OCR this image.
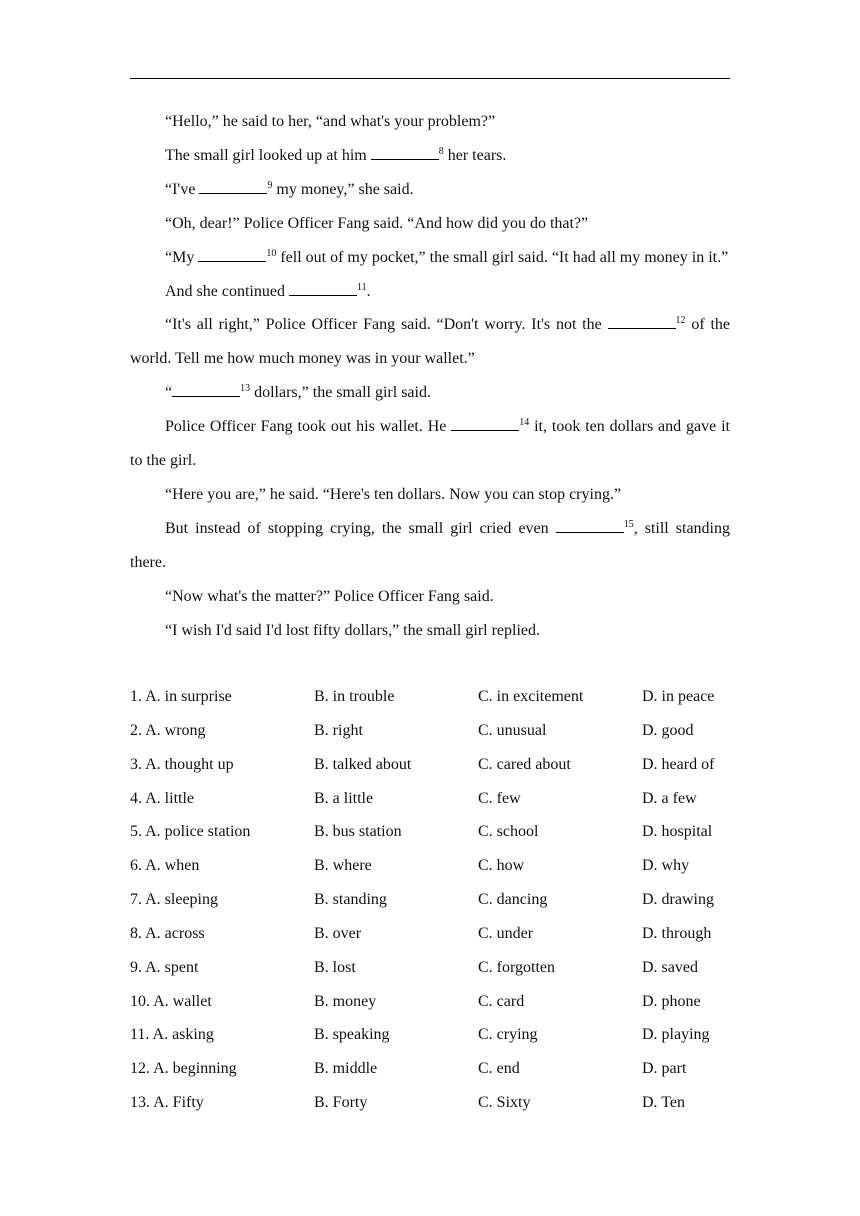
“Hello,” he said to her, “and what's your problem?”

The small girl looked up at him	$^8$ her tears.

“I've	$^9$ my money,” she said.

“Oh, dear!” Police Officer Fang said. “And how did you do that?”

“My	$^{10}$ fell out of my pocket,” the small girl said. “It had all my money in it.”

And she continued	$^{11}$.

“It's all right,” Police Officer Fang said. “Don't worry. It's not the	$^{12}$ of the world. Tell me how much money was in your wallet.”

“	$^{13}$ dollars,” the small girl said.

Police Officer Fang took out his wallet. He	$^{14}$ it, took ten dollars and gave it to the girl.

“Here you are,” he said. “Here's ten dollars. Now you can stop crying.”

But instead of stopping crying, the small girl cried even	$^{15}$, still standing there.

“Now what's the matter?” Police Officer Fang said.

“I wish I'd said I'd lost fifty dollars,” the small girl replied.

1. A. in surprise	B. in trouble	C. in excitement	D. in peace
2. A. wrong	B. right	C. unusual	D. good
3. A. thought up	B. talked about	C. cared about	D. heard of
4. A. little	B. a little	C. few	D. a few
5. A. police station	B. bus station	C. school	D. hospital
6. A. when	B. where	C. how	D. why
7. A. sleeping	B. standing	C. dancing	D. drawing
8. A. across	B. over	C. under	D. through
9. A. spent	B. lost	C. forgotten	D. saved
10. A. wallet	B. money	C. card	D. phone
11. A. asking	B. speaking	C. crying	D. playing
12. A. beginning	B. middle	C. end	D. part
13. A. Fifty	B. Forty	C. Sixty	D. Ten
